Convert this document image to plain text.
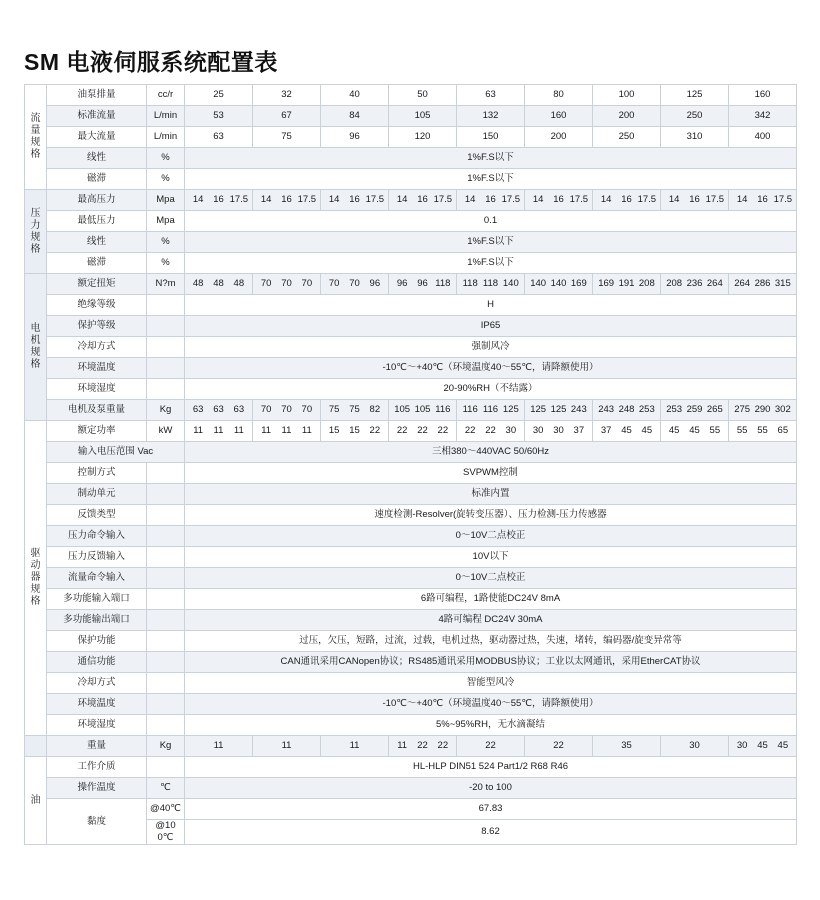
SM 电液伺服系统配置表
流量规格	油泵排量	cc/r	25	32	40	50	63	80	100	125	160
	标准流量	L/min	53	67	84	105	132	160	200	250	342
	最大流量	L/min	63	75	96	120	150	200	250	310	400
	线性	%	1%F.S以下								
	磁滞	%	1%F.S以下								
压力规格	最高压力	Mpa	14 16 17.5	14 16 17.5	14 16 17.5	14 16 17.5	14 16 17.5	14 16 17.5	14 16 17.5	14 16 17.5	14 16 17.5

	最低压力	Mpa	0.1								
	线性	%	1%F.S以下								
	磁滞	%	1%F.S以下								
电机规格	额定扭矩	N?m	48 48 48	70 70 70	70 70 96	96 96 118	118 118 140	140 140 169	169 191 208	208 236 264	264 286 315

	绝缘等级		H								
	保护等级		IP65								
	冷却方式		强制风冷								
	环境温度		-10℃～+40℃（环境温度40～55℃，请降额使用）								
	环境湿度		20-90%RH（不结露）								
	电机及泵重量	Kg	63 63 63	70 70 70	75 75 82	105 105 116	116 116 125	125 125 243	243 248 253	253 259 265	275 290 302

驱动器规格	额定功率	kW	11 11 11	11 11 11	15 15 22	22 22 22	22 22 30	30 30 37	37 45 45	45 45 55	55 55 65

	输入电压范围 Vac		三相380～440VAC 50/60Hz								
	控制方式		SVPWM控制								
	制动单元		标准内置								
	反馈类型		速度检测-Resolver(旋转变压器）、压力检测-压力传感器								
	压力命令输入		0～10V二点校正								
	压力反馈输入		10V以下								
	流量命令输入		0～10V二点校正								
	多功能输入端口		6路可编程，1路使能DC24V 8mA								
	多功能输出端口		4路可编程 DC24V 30mA								
	保护功能		过压，欠压，短路，过流，过载，电机过热，驱动器过热，失速，堵转，编码器/旋变异常等								
	通信功能		CAN通讯采用CANopen协议；RS485通讯采用MODBUS协议；工业以太网通讯，采用EtherCAT协议								
	冷却方式		智能型风冷								
	环境温度		-10℃～+40℃（环境温度40～55℃，请降额使用）								
	环境湿度		5%~95%RH，无水滴凝结								
	重量	Kg	11	11	11	11 22 22	22	22	35	30	30 45 45

油	工作介质		HL-HLP DIN51 524 Part1/2 R68 R46								
	操作温度	℃	-20 to 100								
	黏度	@40℃	67.83								
		@100℃	8.62								
